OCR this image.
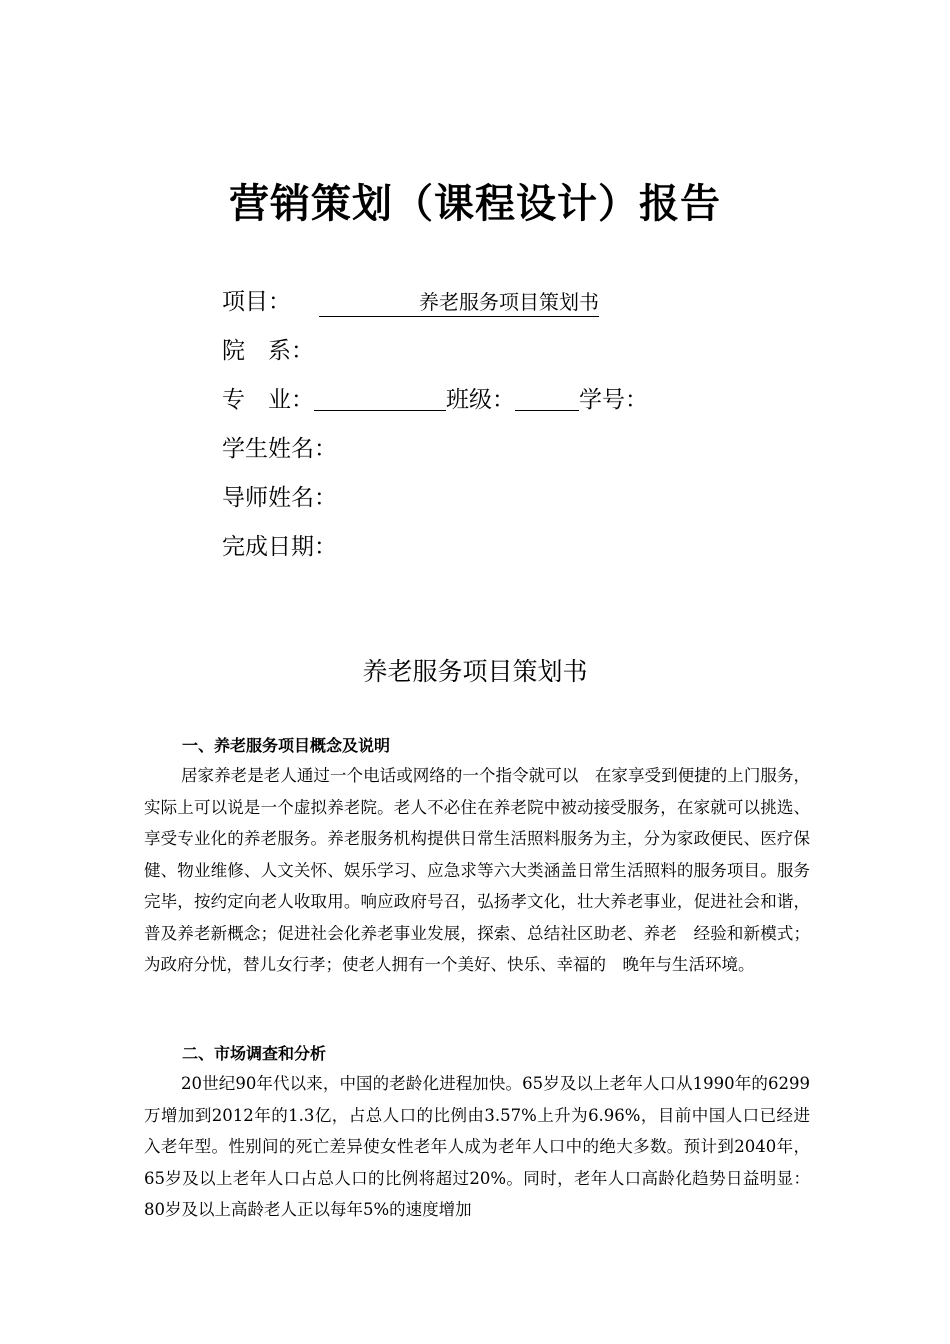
营销策划（课程设计）报告
项目：	养老服务项目策划书
院　系：
专　业：	班级：	学号：
学生姓名：
导师姓名：
完成日期：
养老服务项目策划书
一、养老服务项目概念及说明

居家养老是老人通过一个电话或网络的一个指令就可以　在家享受到便捷的上门服务，实际上可以说是一个虚拟养老院。老人不必住在养老院中被动接受服务，在家就可以挑选、享受专业化的养老服务。养老服务机构提供日常生活照料服务为主，分为家政便民、医疗保健、物业维修、人文关怀、娱乐学习、应急求等六大类涵盖日常生活照料的服务项目。服务完毕，按约定向老人收取用。响应政府号召，弘扬孝文化，壮大养老事业，促进社会和谐，普及养老新概念；促进社会化养老事业发展，探索、总结社区助老、养老　经验和新模式；为政府分忧，替儿女行孝；使老人拥有一个美好、快乐、幸福的　晚年与生活环境。

二、市场调查和分析

20世纪90年代以来，中国的老龄化进程加快。65岁及以上老年人口从1990年的6299万增加到2012年的1.3亿，占总人口的比例由3.57%上升为6.96%，目前中国人口已经进入老年型。性别间的死亡差异使女性老年人成为老年人口中的绝大多数。预计到2040年，65岁及以上老年人口占总人口的比例将超过20%。同时，老年人口高龄化趋势日益明显：80岁及以上高龄老人正以每年5%的速度增加
